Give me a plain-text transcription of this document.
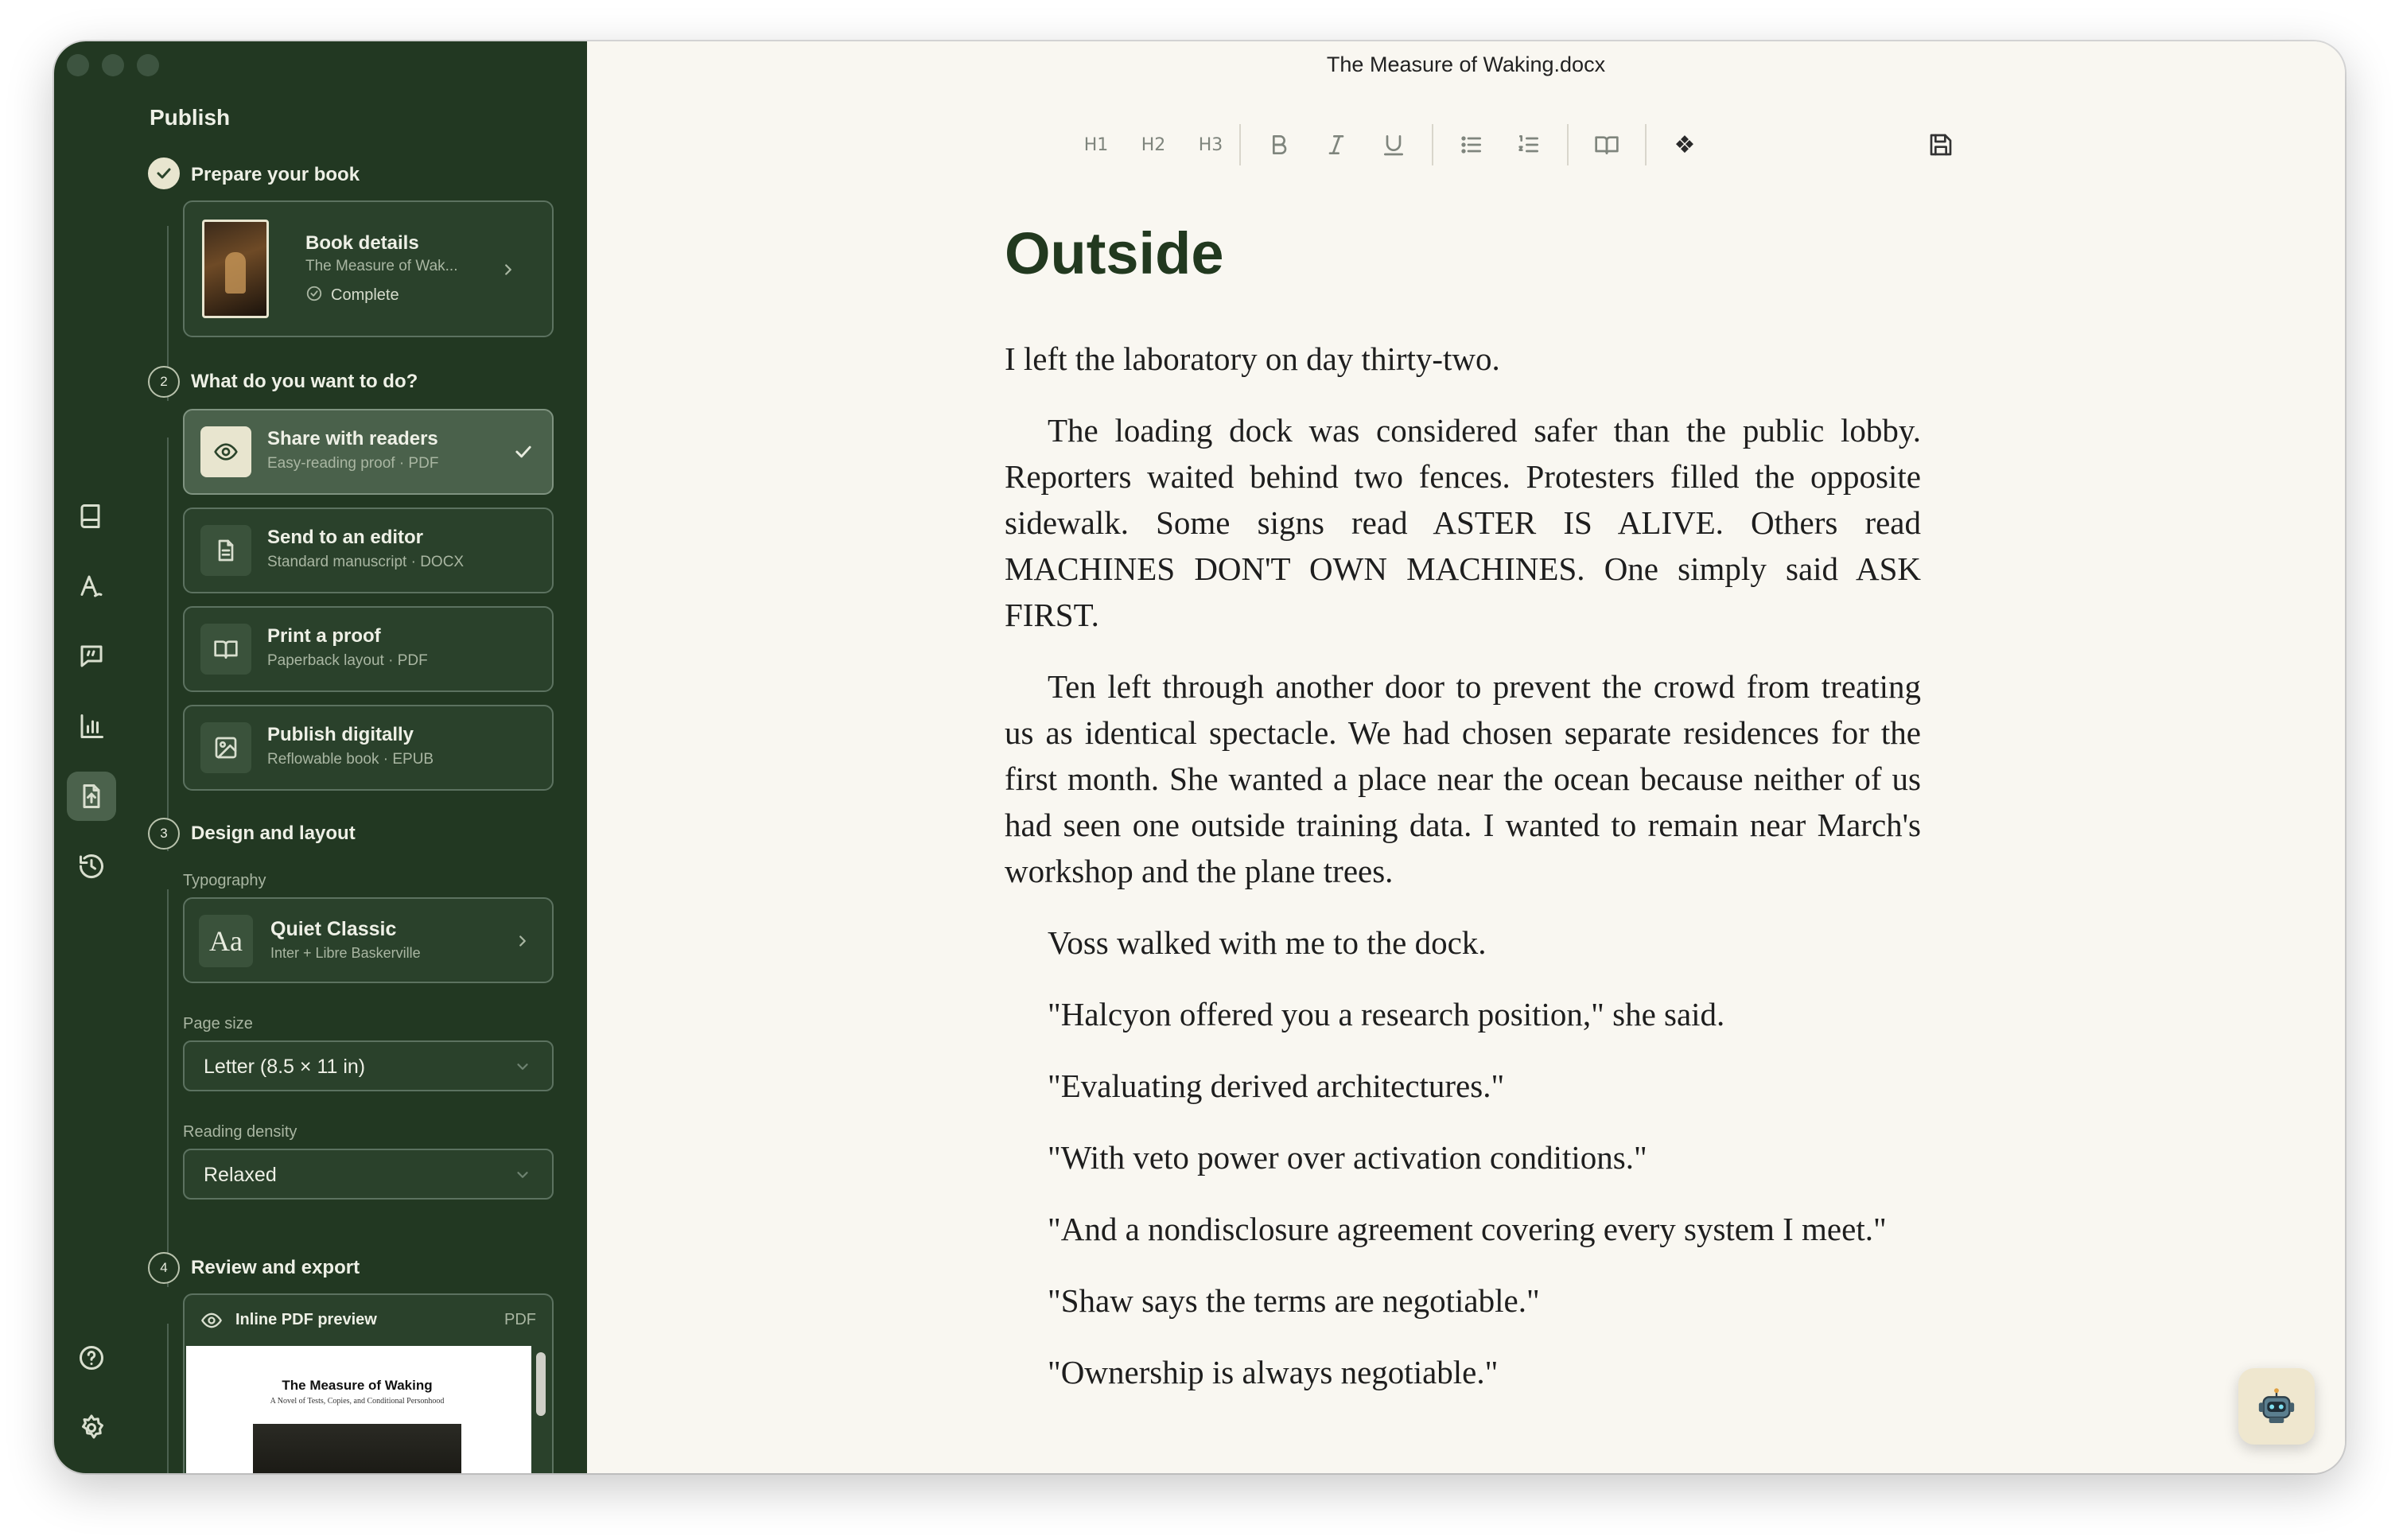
Publish
Prepare your book
Book details
The Measure of Wak...
Complete
2	What do you want to do?
Share with readers
Easy-reading proof · PDF
Send to an editor
Standard manuscript · DOCX
Print a proof
Paperback layout · PDF
Publish digitally
Reflowable book · EPUB
3	Design and layout
Typography
Aa	Quiet Classic
Inter + Libre Baskerville
Page size
Letter (8.5 × 11 in)
Reading density
Relaxed
4	Review and export
Inline PDF preview	PDF
The Measure of Waking
A Novel of Tests, Copies, and Conditional Personhood
The Measure of Waking.docx
H1 H2 H3	❖
Outside

I left the laboratory on day thirty-two.

The loading dock was considered safer than the public lobby. Reporters waited behind two fences. Protesters filled the opposite sidewalk. Some signs read ASTER IS ALIVE. Others read MACHINES DON'T OWN MACHINES. One simply said ASK FIRST.

Ten left through another door to prevent the crowd from treating us as identical spectacle. We had chosen separate residences for the first month. She wanted a place near the ocean because neither of us had seen one outside training data. I wanted to remain near March's workshop and the plane trees.

Voss walked with me to the dock.

"Halcyon offered you a research position," she said.

"Evaluating derived architectures."

"With veto power over activation conditions."

"And a nondisclosure agreement covering every system I meet."

"Shaw says the terms are negotiable."

"Ownership is always negotiable."
